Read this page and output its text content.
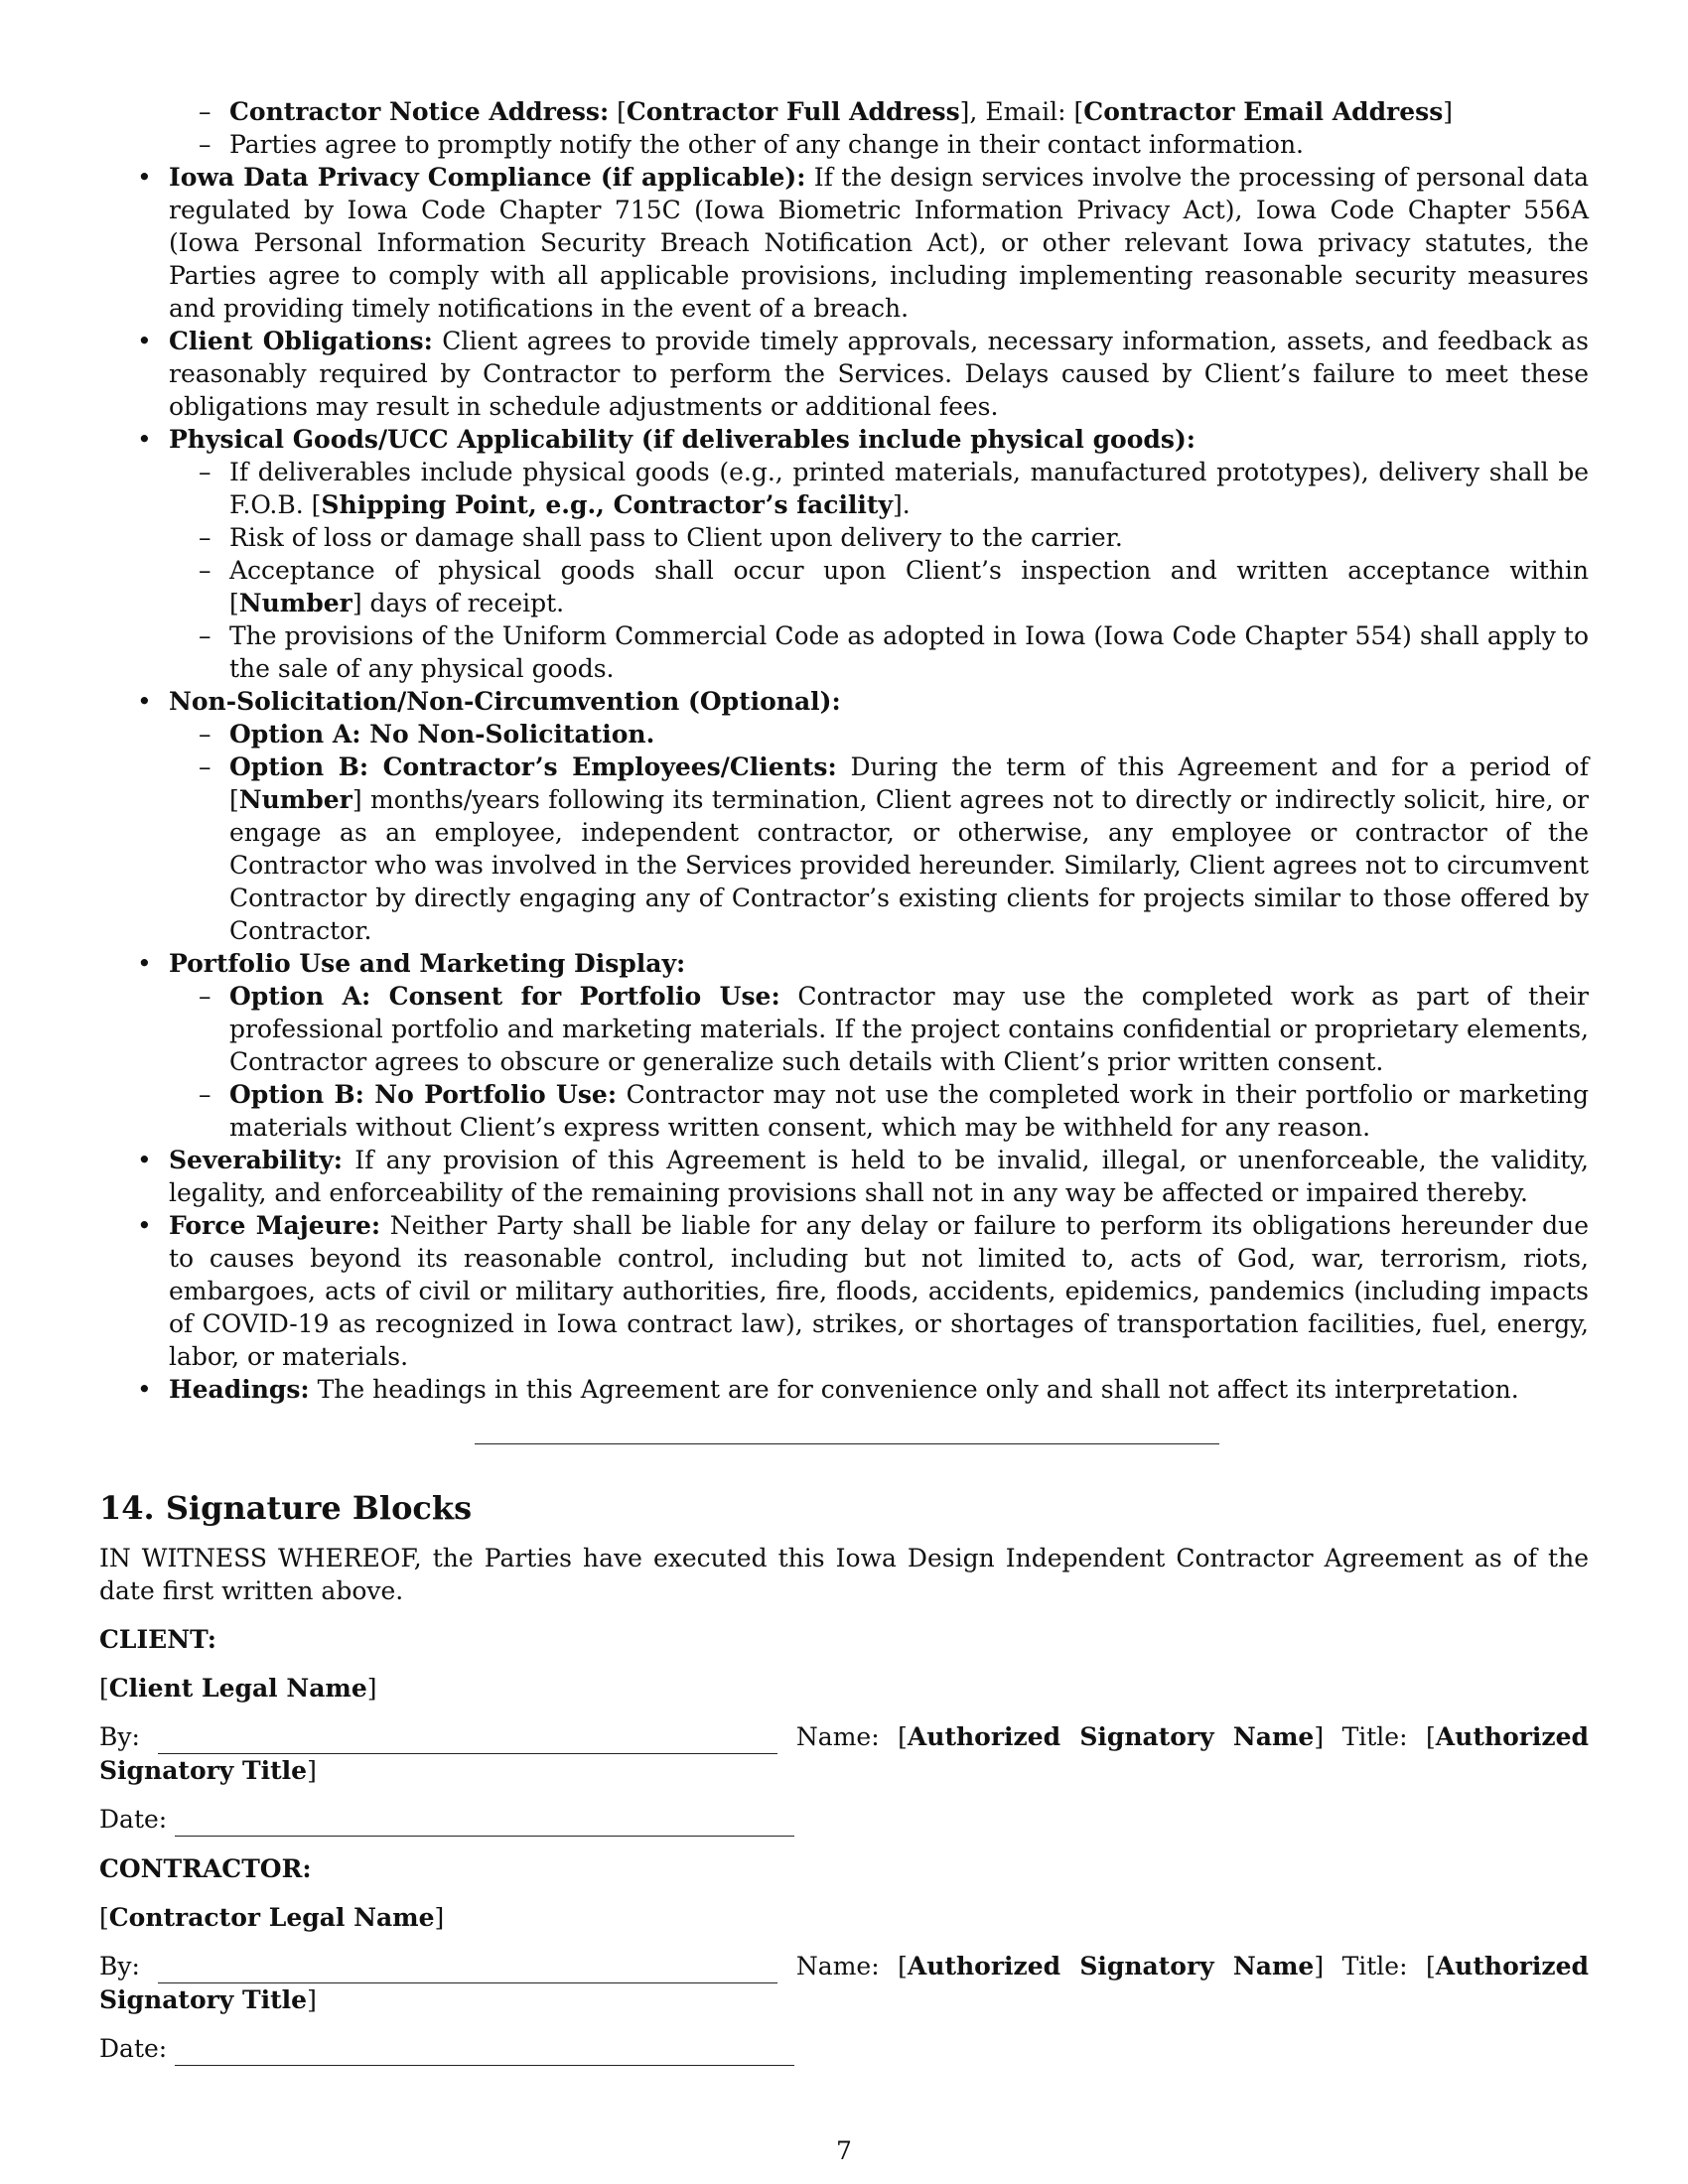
– Contractor Notice Address: [Contractor Full Address], Email: [Contractor Email Address]
– Parties agree to promptly notify the other of any change in their contact information.
• Iowa Data Privacy Compliance (if applicable): If the design services involve the processing of personal data regulated by Iowa Code Chapter 715C (Iowa Biometric Information Privacy Act), Iowa Code Chapter 556A (Iowa Personal Information Security Breach Notification Act), or other relevant Iowa privacy statutes, the Parties agree to comply with all applicable provisions, including implementing reasonable security measures and providing timely notifications in the event of a breach.
• Client Obligations: Client agrees to provide timely approvals, necessary information, assets, and feedback as reasonably required by Contractor to perform the Services. Delays caused by Client’s failure to meet these obligations may result in schedule adjustments or additional fees.
• Physical Goods/UCC Applicability (if deliverables include physical goods):
– If deliverables include physical goods (e.g., printed materials, manufactured prototypes), delivery shall be F.O.B. [Shipping Point, e.g., Contractor’s facility].
– Risk of loss or damage shall pass to Client upon delivery to the carrier.
– Acceptance of physical goods shall occur upon Client’s inspection and written acceptance within [Number] days of receipt.
– The provisions of the Uniform Commercial Code as adopted in Iowa (Iowa Code Chapter 554) shall apply to the sale of any physical goods.
• Non-Solicitation/Non-Circumvention (Optional):
– Option A: No Non-Solicitation.
– Option B: Contractor’s Employees/Clients: During the term of this Agreement and for a period of [Number] months/years following its termination, Client agrees not to directly or indirectly solicit, hire, or engage as an employee, independent contractor, or otherwise, any employee or contractor of the Contractor who was involved in the Services provided hereunder. Similarly, Client agrees not to circumvent Contractor by directly engaging any of Contractor’s existing clients for projects similar to those offered by Contractor.
• Portfolio Use and Marketing Display:
– Option A: Consent for Portfolio Use: Contractor may use the completed work as part of their professional portfolio and marketing materials. If the project contains confidential or proprietary elements, Contractor agrees to obscure or generalize such details with Client’s prior written consent.
– Option B: No Portfolio Use: Contractor may not use the completed work in their portfolio or marketing materials without Client’s express written consent, which may be withheld for any reason.
• Severability: If any provision of this Agreement is held to be invalid, illegal, or unenforceable, the validity, legality, and enforceability of the remaining provisions shall not in any way be affected or impaired thereby.
• Force Majeure: Neither Party shall be liable for any delay or failure to perform its obligations hereunder due to causes beyond its reasonable control, including but not limited to, acts of God, war, terrorism, riots, embargoes, acts of civil or military authorities, fire, floods, accidents, epidemics, pandemics (including impacts of COVID-19 as recognized in Iowa contract law), strikes, or shortages of transportation facilities, fuel, energy, labor, or materials.
• Headings: The headings in this Agreement are for convenience only and shall not affect its interpretation.
14. Signature Blocks
IN WITNESS WHEREOF, the Parties have executed this Iowa Design Independent Contractor Agreement as of the date first written above.
CLIENT:
[Client Legal Name]
By:	Name: [Authorized Signatory Name] Title: [Authorized Signatory Title]
Date:
CONTRACTOR:
[Contractor Legal Name]
By:	Name: [Authorized Signatory Name] Title: [Authorized Signatory Title]
Date:
7
